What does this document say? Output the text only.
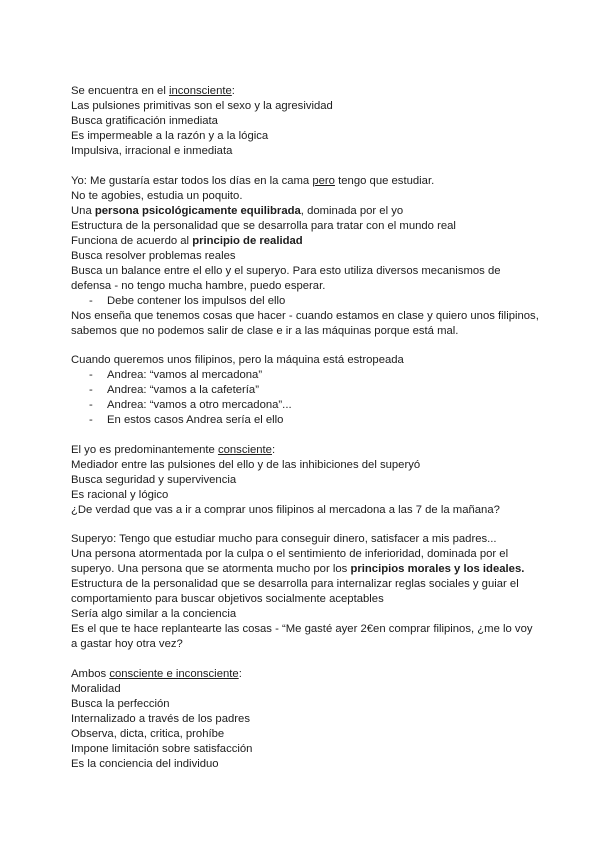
Se encuentra en el inconsciente:
Las pulsiones primitivas son el sexo y la agresividad
Busca gratificación inmediata
Es impermeable a la razón y a la lógica
Impulsiva, irracional e inmediata
Yo: Me gustaría estar todos los días en la cama pero tengo que estudiar.
No te agobies, estudia un poquito.
Una persona psicológicamente equilibrada, dominada por el yo
Estructura de la personalidad que se desarrolla para tratar con el mundo real
Funciona de acuerdo al principio de realidad
Busca resolver problemas reales
Busca un balance entre el ello y el superyo. Para esto utiliza diversos mecanismos de defensa - no tengo mucha hambre, puedo esperar.
- Debe contener los impulsos del ello
Nos enseña que tenemos cosas que hacer - cuando estamos en clase y quiero unos filipinos, sabemos que no podemos salir de clase e ir a las máquinas porque está mal.
Cuando queremos unos filipinos, pero la máquina está estropeada
- Andrea: “vamos al mercadona”
- Andrea: “vamos a la cafetería”
- Andrea: “vamos a otro mercadona”...
- En estos casos Andrea sería el ello
El yo es predominantemente consciente:
Mediador entre las pulsiones del ello y de las inhibiciones del superyó
Busca seguridad y supervivencia
Es racional y lógico
¿De verdad que vas a ir a comprar unos filipinos al mercadona a las 7 de la mañana?
Superyo: Tengo que estudiar mucho para conseguir dinero, satisfacer a mis padres...
Una persona atormentada por la culpa o el sentimiento de inferioridad, dominada por el superyo. Una persona que se atormenta mucho por los principios morales y los ideales.
Estructura de la personalidad que se desarrolla para internalizar reglas sociales y guiar el comportamiento para buscar objetivos socialmente aceptables
Sería algo similar a la conciencia
Es el que te hace replantearte las cosas - “Me gasté ayer 2€en comprar filipinos, ¿me lo voy a gastar hoy otra vez?
Ambos consciente e inconsciente:
Moralidad
Busca la perfección
Internalizado a través de los padres
Observa, dicta, critica, prohíbe
Impone limitación sobre satisfacción
Es la conciencia del individuo
